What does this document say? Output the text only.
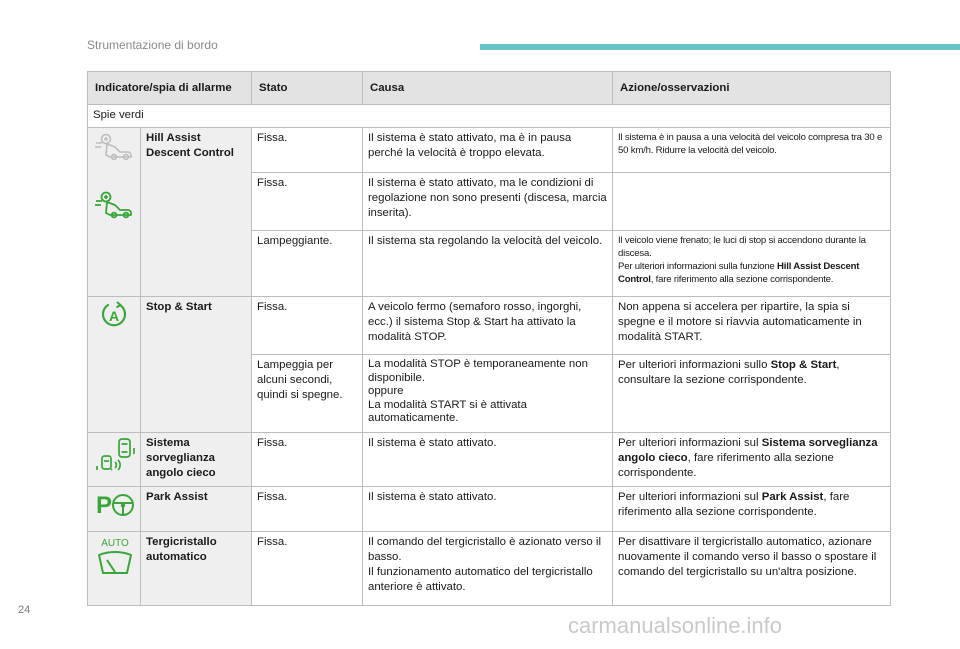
Strumentazione di bordo
Indicatore/spia di allarme		Stato	Causa	Azione/osservazioni
Spie verdi				

	Hill Assist Descent Control	Fissa.	Il sistema è stato attivato, ma è in pausa perché la velocità è troppo elevata.	Il sistema è in pausa a una velocità del veicolo compresa tra 30 e 50 km/h. Ridurre la velocità del veicolo.
		Fissa.	Il sistema è stato attivato, ma le condizioni di regolazione non sono presenti (discesa, marcia inserita).	
		Lampeggiante.	Il sistema sta regolando la velocità del veicolo.	Il veicolo viene frenato; le luci di stop si accendono durante la discesa.
Per ulteriori informazioni sulla funzione Hill Assist Descent Control, fare riferimento alla sezione corrispondente.

A	Stop & Start	Fissa.	A veicolo fermo (semaforo rosso, ingorghi, ecc.) il sistema Stop & Start ha attivato la modalità STOP.	Non appena si accelera per ripartire, la spia si spegne e il motore si riavvia automaticamente in modalità START.
		Lampeggia per alcuni secondi, quindi si spegne.	La modalità STOP è temporaneamente non disponibile.
oppure
La modalità START si è attivata automaticamente.	Per ulteriori informazioni sullo Stop & Start, consultare la sezione corrispondente.

	Sistema sorveglianza angolo cieco	Fissa.	Il sistema è stato attivato.	Per ulteriori informazioni sul Sistema sorveglianza angolo cieco, fare riferimento alla sezione corrispondente.

P	Park Assist	Fissa.	Il sistema è stato attivato.	Per ulteriori informazioni sul Park Assist, fare riferimento alla sezione corrispondente.

AUTO	Tergicristallo automatico	Fissa.	Il comando del tergicristallo è azionato verso il basso.
Il funzionamento automatico del tergicristallo anteriore è attivato.	Per disattivare il tergicristallo automatico, azionare nuovamente il comando verso il basso o spostare il comando del tergicristallo su un'altra posizione.
24
carmanualsonline.info
